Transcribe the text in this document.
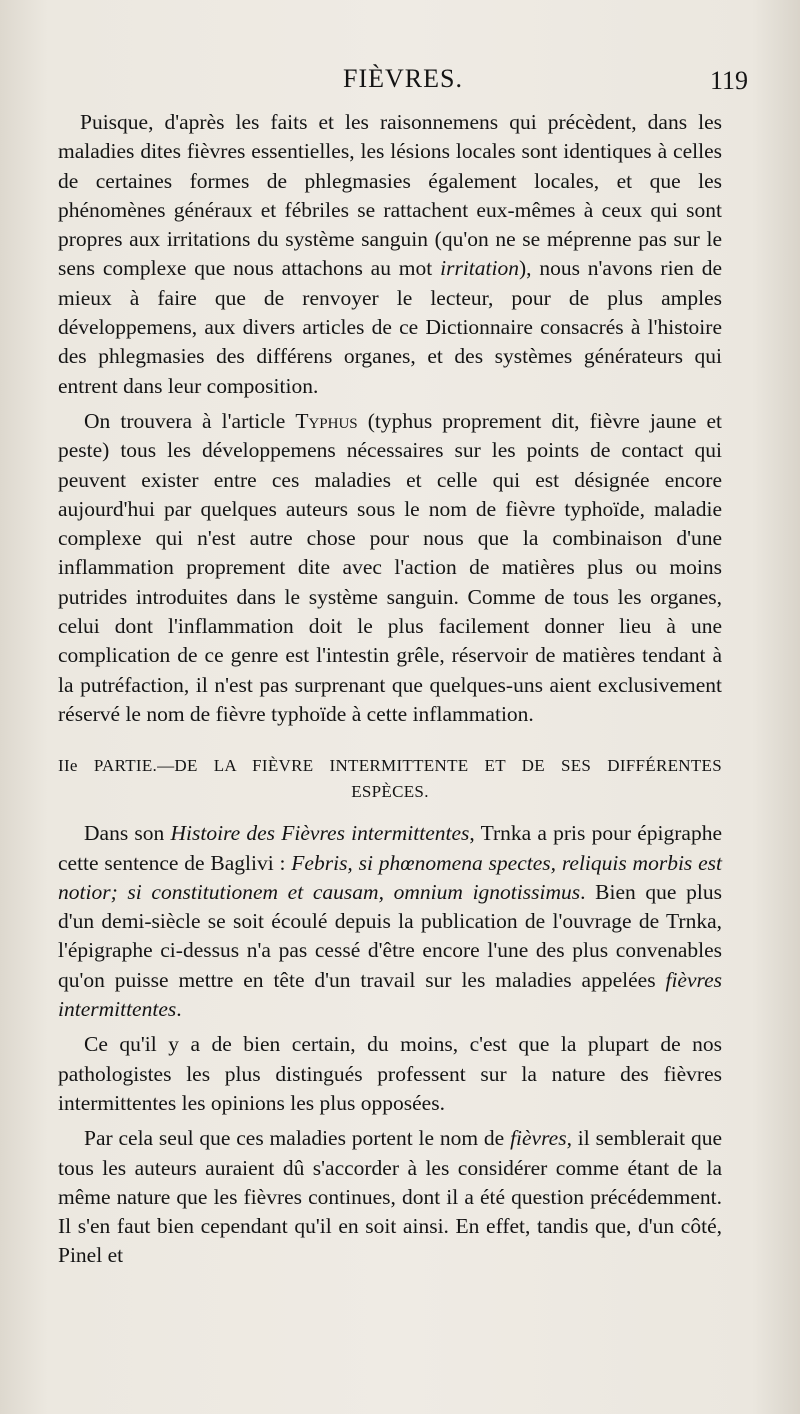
FIÈVRES.	119

Puisque, d'après les faits et les raisonnemens qui précèdent, dans les maladies dites fièvres essentielles, les lésions locales sont identiques à celles de certaines formes de phlegmasies également locales, et que les phénomènes généraux et fébriles se rattachent eux-mêmes à ceux qui sont propres aux irritations du système sanguin (qu'on ne se méprenne pas sur le sens complexe que nous attachons au mot irritation), nous n'avons rien de mieux à faire que de renvoyer le lecteur, pour de plus amples développemens, aux divers articles de ce Dictionnaire consacrés à l'histoire des phlegmasies des différens organes, et des systèmes générateurs qui entrent dans leur composition.

On trouvera à l'article Typhus (typhus proprement dit, fièvre jaune et peste) tous les développemens nécessaires sur les points de contact qui peuvent exister entre ces maladies et celle qui est désignée encore aujourd'hui par quelques auteurs sous le nom de fièvre typhoïde, maladie complexe qui n'est autre chose pour nous que la combinaison d'une inflammation proprement dite avec l'action de matières plus ou moins putrides introduites dans le système sanguin. Comme de tous les organes, celui dont l'inflammation doit le plus facilement donner lieu à une complication de ce genre est l'intestin grêle, réservoir de matières tendant à la putréfaction, il n'est pas surprenant que quelques-uns aient exclusivement réservé le nom de fièvre typhoïde à cette inflammation.

IIe PARTIE.—DE LA FIÈVRE INTERMITTENTE ET DE SES DIFFÉRENTES
ESPÈCES.

Dans son Histoire des Fièvres intermittentes, Trnka a pris pour épigraphe cette sentence de Baglivi : Febris, si phœnomena spectes, reliquis morbis est notior; si constitutionem et causam, omnium ignotissimus. Bien que plus d'un demi-siècle se soit écoulé depuis la publication de l'ouvrage de Trnka, l'épigraphe ci-dessus n'a pas cessé d'être encore l'une des plus convenables qu'on puisse mettre en tête d'un travail sur les maladies appelées fièvres intermittentes.

Ce qu'il y a de bien certain, du moins, c'est que la plupart de nos pathologistes les plus distingués professent sur la nature des fièvres intermittentes les opinions les plus opposées.

Par cela seul que ces maladies portent le nom de fièvres, il semblerait que tous les auteurs auraient dû s'accorder à les considérer comme étant de la même nature que les fièvres continues, dont il a été question précédemment. Il s'en faut bien cependant qu'il en soit ainsi. En effet, tandis que, d'un côté, Pinel et
